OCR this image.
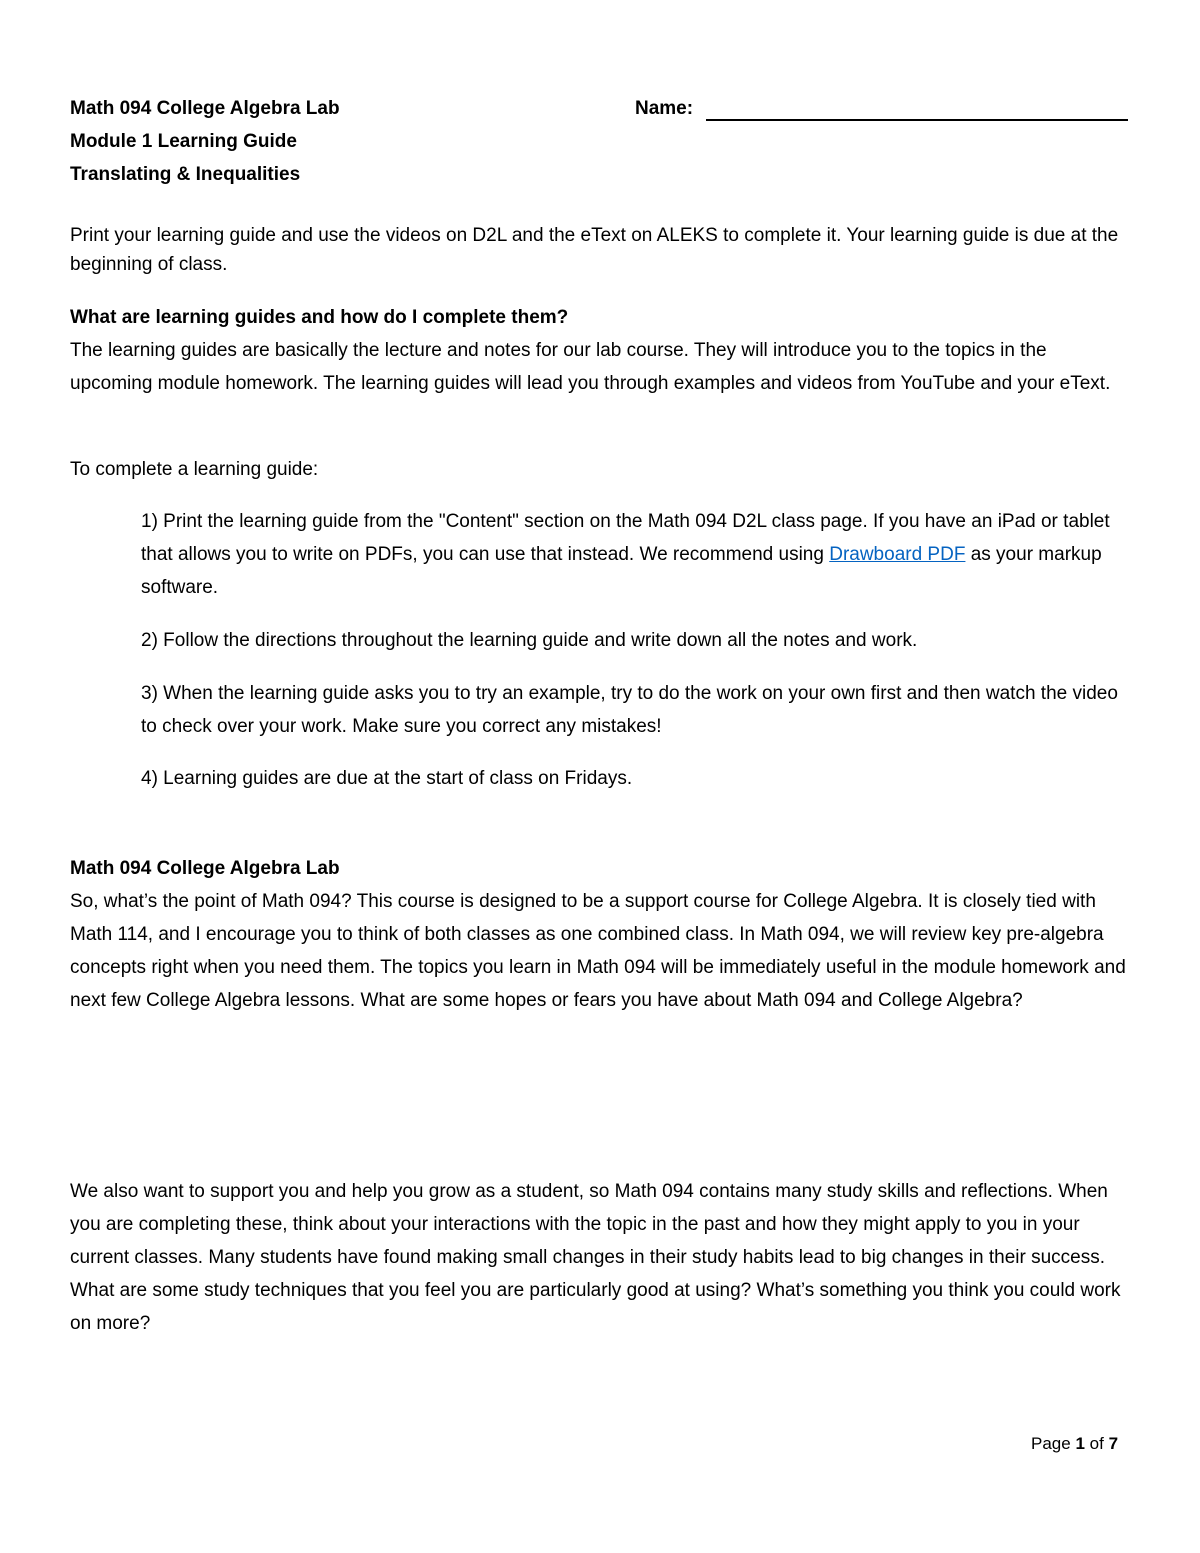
Math 094 College Algebra Lab	Name:
Module 1 Learning Guide
Translating & Inequalities

Print your learning guide and use the videos on D2L and the eText on ALEKS to complete it. Your learning guide is due at the beginning of class.

What are learning guides and how do I complete them?

The learning guides are basically the lecture and notes for our lab course. They will introduce you to the topics in the upcoming module homework. The learning guides will lead you through examples and videos from YouTube and your eText.

To complete a learning guide:

1) Print the learning guide from the "Content" section on the Math 094 D2L class page. If you have an iPad or tablet that allows you to write on PDFs, you can use that instead. We recommend using Drawboard PDF as your markup software.

2) Follow the directions throughout the learning guide and write down all the notes and work.

3) When the learning guide asks you to try an example, try to do the work on your own first and then watch the video to check over your work. Make sure you correct any mistakes!

4) Learning guides are due at the start of class on Fridays.

Math 094 College Algebra Lab

So, what’s the point of Math 094? This course is designed to be a support course for College Algebra. It is closely tied with Math 114, and I encourage you to think of both classes as one combined class. In Math 094, we will review key pre-algebra concepts right when you need them. The topics you learn in Math 094 will be immediately useful in the module homework and next few College Algebra lessons. What are some hopes or fears you have about Math 094 and College Algebra?

We also want to support you and help you grow as a student, so Math 094 contains many study skills and reflections. When you are completing these, think about your interactions with the topic in the past and how they might apply to you in your current classes. Many students have found making small changes in their study habits lead to big changes in their success. What are some study techniques that you feel you are particularly good at using? What’s something you think you could work on more?

Page 1 of 7
